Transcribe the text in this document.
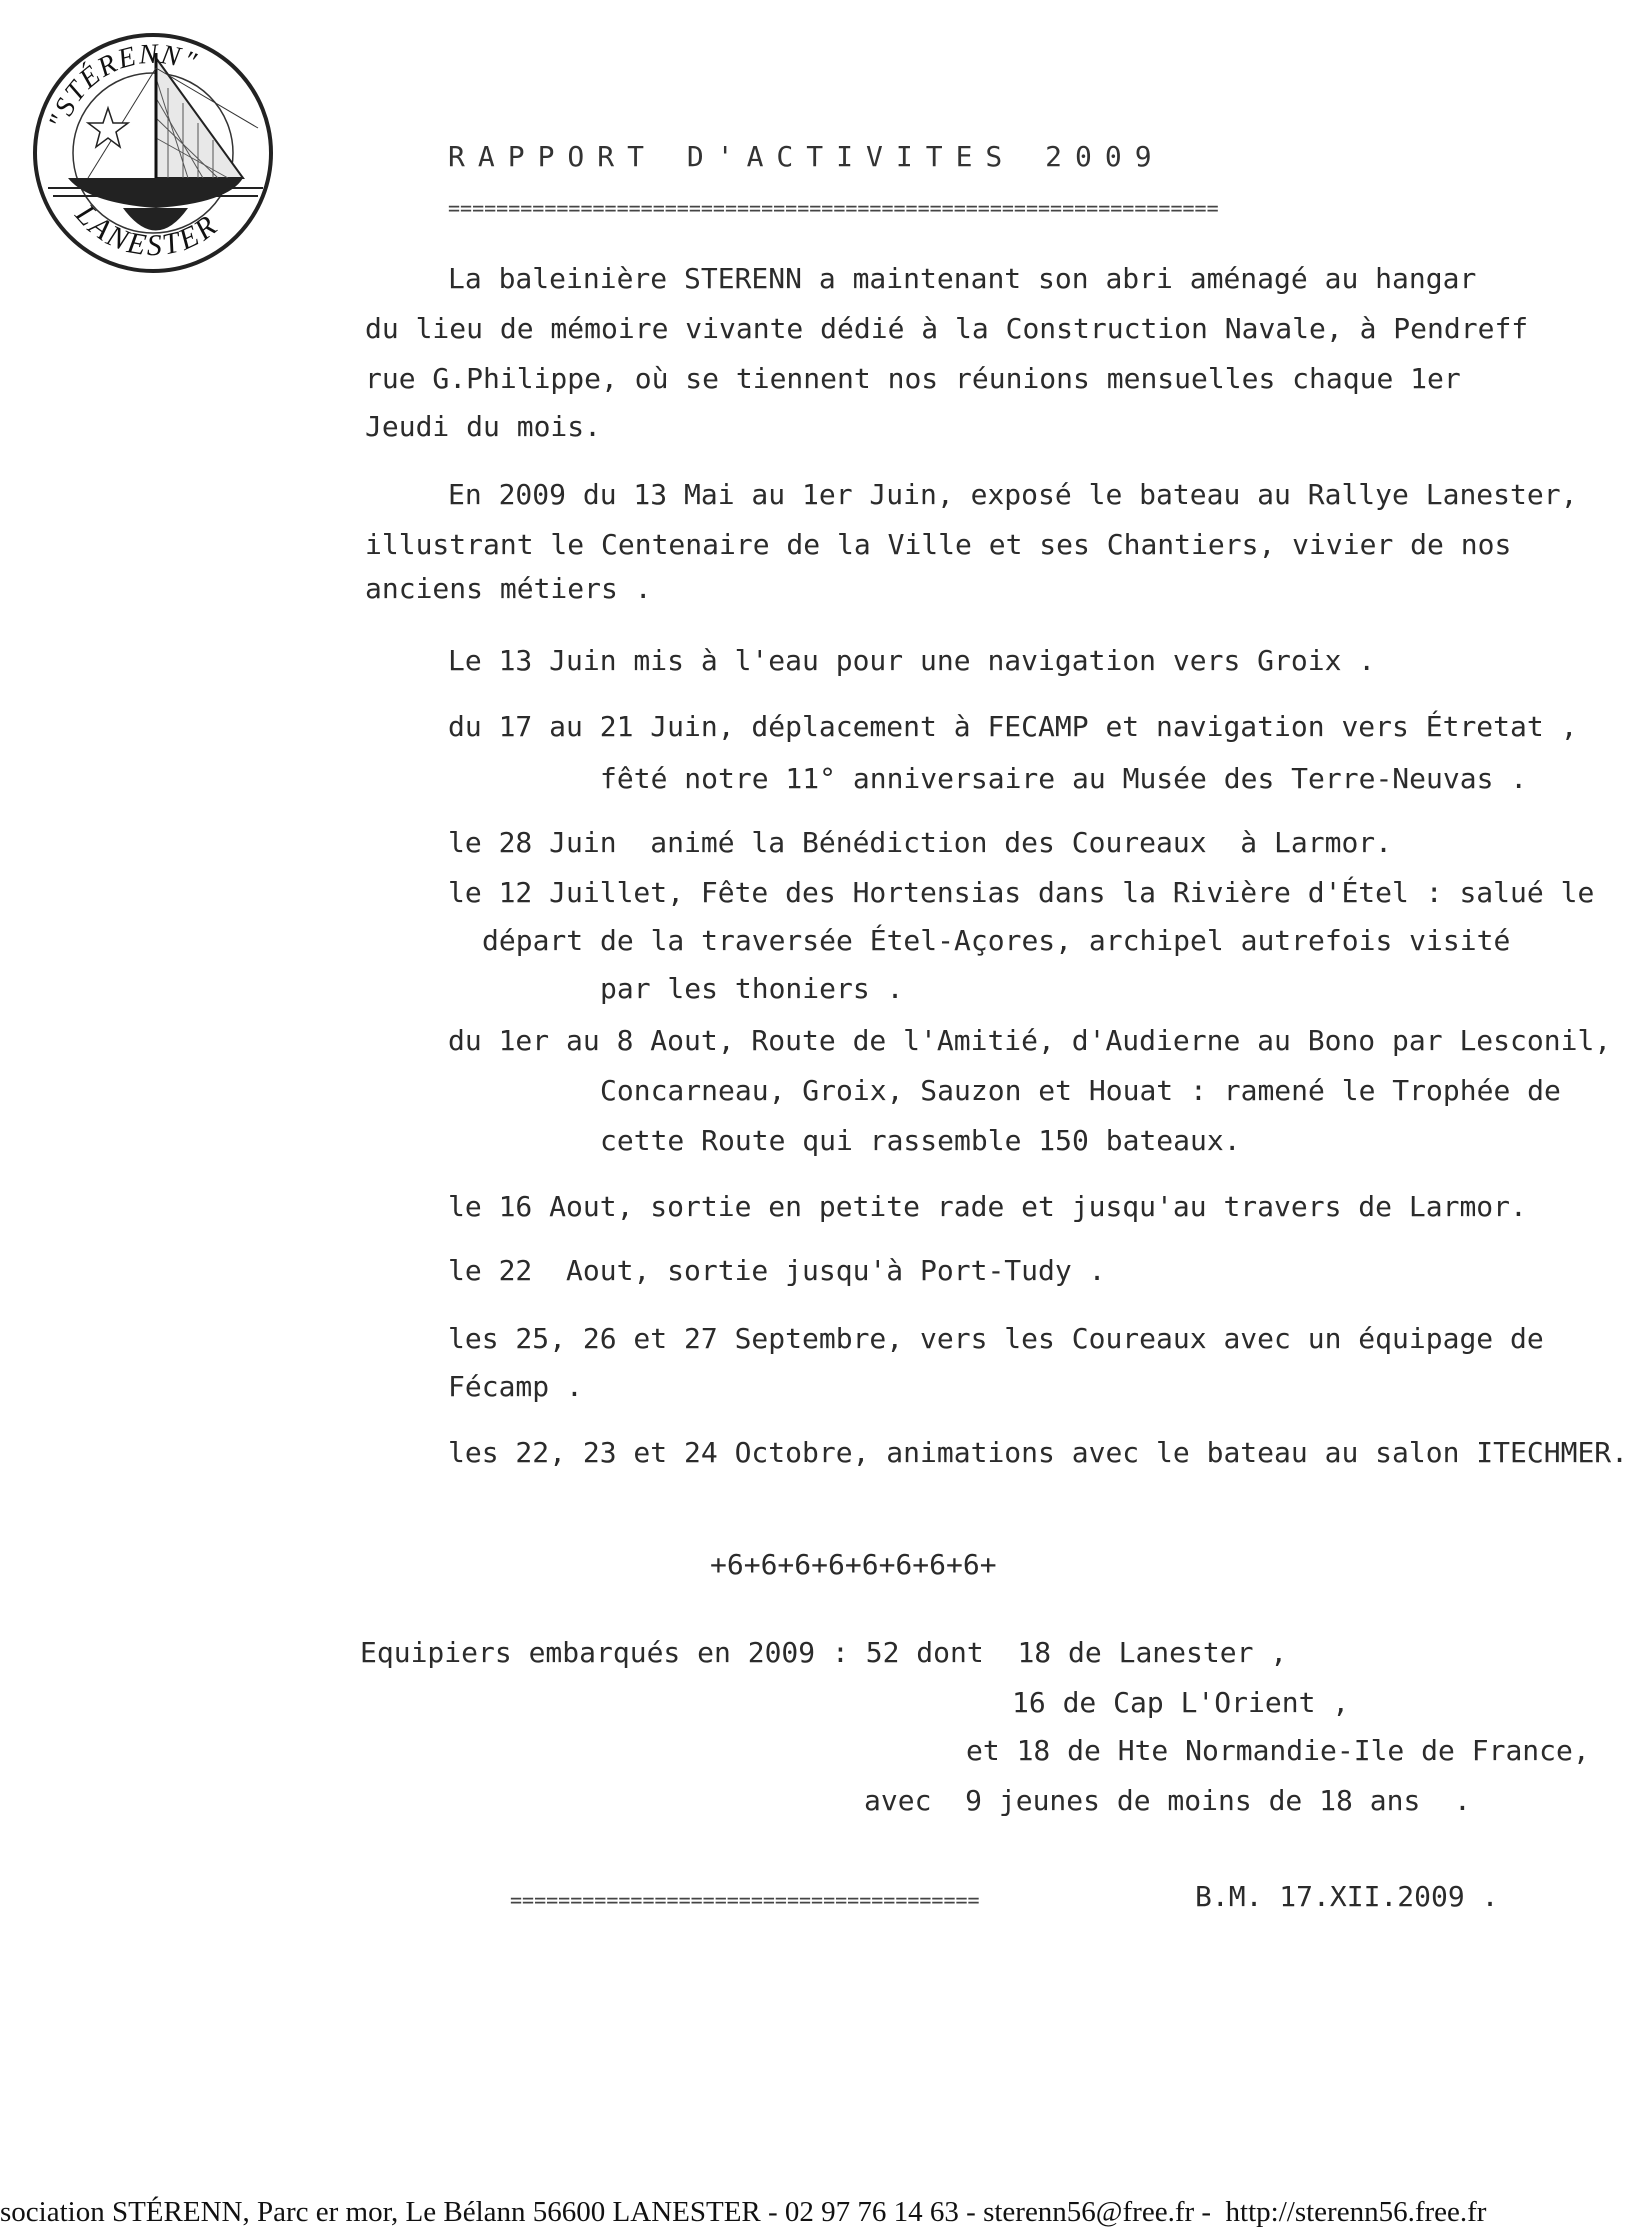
"STÉRENN"
LANESTER
RAPPORT D'ACTIVITES 2009
================================================================
La baleinière STERENN a maintenant son abri aménagé au hangar
du lieu de mémoire vivante dédié à la Construction Navale, à Pendreff
rue G.Philippe, où se tiennent nos réunions mensuelles chaque 1er
Jeudi du mois.
En 2009 du 13 Mai au 1er Juin, exposé le bateau au Rallye Lanester,
illustrant le Centenaire de la Ville et ses Chantiers, vivier de nos
anciens métiers .
Le 13 Juin mis à l'eau pour une navigation vers Groix .
du 17 au 21 Juin, déplacement à FECAMP et navigation vers Étretat ,
fêté notre 11° anniversaire au Musée des Terre-Neuvas .
le 28 Juin  animé la Bénédiction des Coureaux  à Larmor.
le 12 Juillet, Fête des Hortensias dans la Rivière d'Étel : salué le
départ de la traversée Étel-Açores, archipel autrefois visité
par les thoniers .
du 1er au 8 Aout, Route de l'Amitié, d'Audierne au Bono par Lesconil,
Concarneau, Groix, Sauzon et Houat : ramené le Trophée de
cette Route qui rassemble 150 bateaux.
le 16 Aout, sortie en petite rade et jusqu'au travers de Larmor.
le 22  Aout, sortie jusqu'à Port-Tudy .
les 25, 26 et 27 Septembre, vers les Coureaux avec un équipage de
Fécamp .
les 22, 23 et 24 Octobre, animations avec le bateau au salon ITECHMER.
+6+6+6+6+6+6+6+6+
Equipiers embarqués en 2009 : 52 dont  18 de Lanester ,
16 de Cap L'Orient ,
et 18 de Hte Normandie-Ile de France,
avec  9 jeunes de moins de 18 ans  .
=======================================	B.M. 17.XII.2009 .
sociation STÉRENN, Parc er mor, Le Bélann 56600 LANESTER - 02 97 76 14 63 - sterenn56@free.fr -  http://sterenn56.free.fr
